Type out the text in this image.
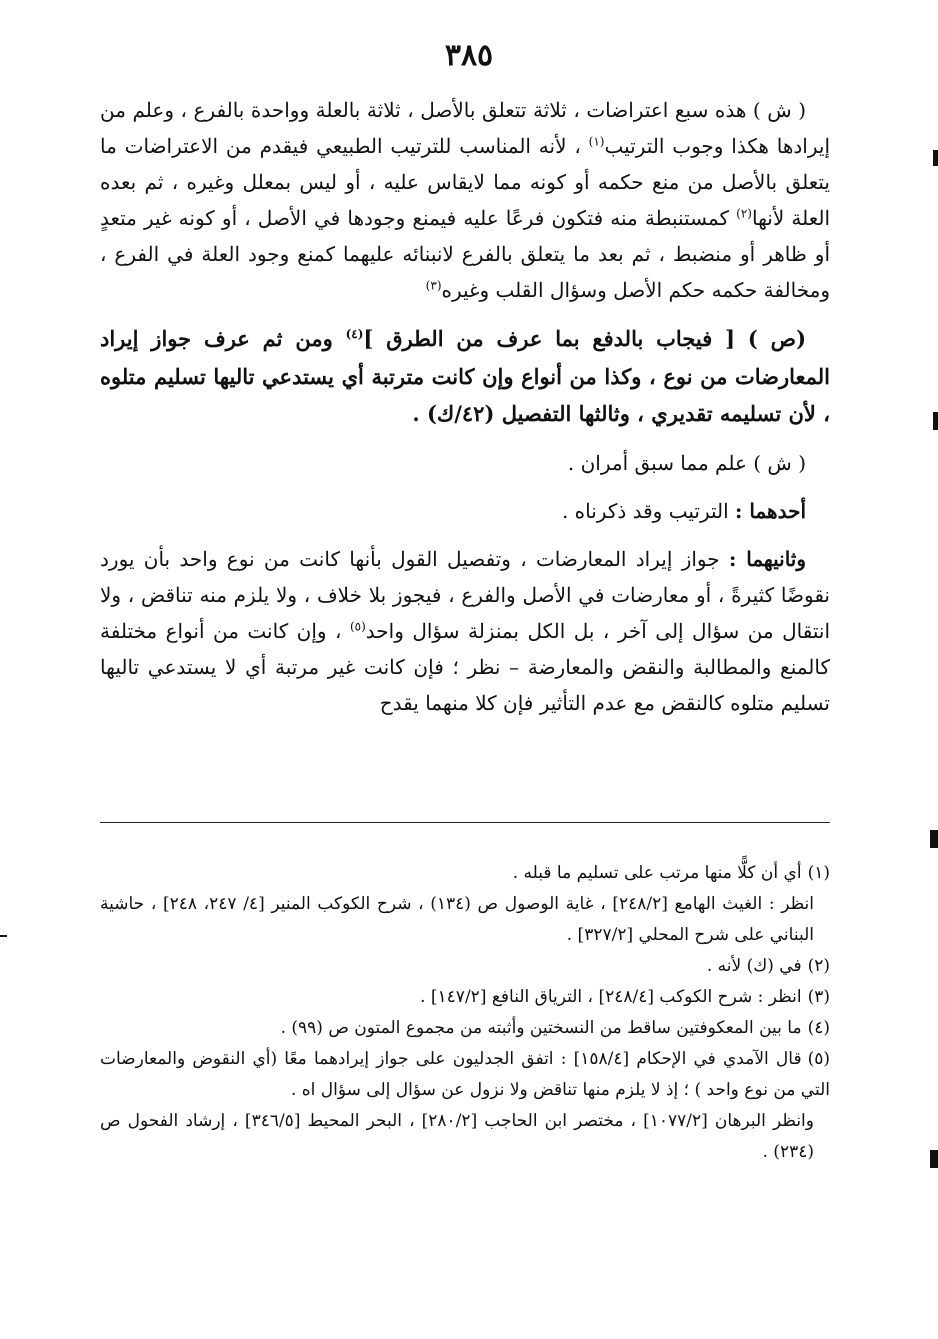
٣٨٥

( ش ) هذه سبع اعتراضات ، ثلاثة تتعلق بالأصل ، ثلاثة بالعلة وواحدة بالفرع ، وعلم من إيرادها هكذا وجوب الترتيب$^{(١)}$ ، لأنه المناسب للترتيب الطبيعي فيقدم من الاعتراضات ما يتعلق بالأصل من منع حكمه أو كونه مما لايقاس عليه ، أو ليس بمعلل وغيره ، ثم بعده العلة لأنها$^{(٢)}$ كمستنبطة منه فتكون فرعًا عليه فيمنع وجودها في الأصل ، أو كونه غير متعدٍ أو ظاهر أو منضبط ، ثم بعد ما يتعلق بالفرع لانبنائه عليهما كمنع وجود العلة في الفرع ، ومخالفة حكمه حكم الأصل وسؤال القلب وغيره$^{(٣)}$

(ص ) [ فيجاب بالدفع بما عرف من الطرق ]$^{(٤)}$ ومن ثم عرف جواز إيراد المعارضات من نوع ، وكذا من أنواع وإن كانت مترتبة أي يستدعي تاليها تسليم متلوه ، لأن تسليمه تقديري ، وثالثها التفصيل (٤٢/ك) .

( ش ) علم مما سبق أمران .

أحدهما : الترتيب وقد ذكرناه .

وثانيهما : جواز إيراد المعارضات ، وتفصيل القول بأنها كانت من نوع واحد بأن يورد نقوضًا كثيرةً ، أو معارضات في الأصل والفرع ، فيجوز بلا خلاف ، ولا يلزم منه تناقض ، ولا انتقال من سؤال إلى آخر ، بل الكل بمنزلة سؤال واحد$^{(٥)}$ ، وإن كانت من أنواع مختلفة كالمنع والمطالبة والنقض والمعارضة – نظر ؛ فإن كانت غير مرتبة أي لا يستدعي تاليها تسليم متلوه كالنقض مع عدم التأثير فإن كلا منهما يقدح

(١)أي أن كلًّا منها مرتب على تسليم ما قبله .

انظر : الغيث الهامع [٢٤٨/٢] ، غاية الوصول ص (١٣٤) ، شرح الكوكب المنير [٤/ ٢٤٧، ٢٤٨] ، حاشية البناني على شرح المحلي [٣٢٧/٢] .

(٢)في (ك) لأنه .

(٣)انظر : شرح الكوكب [٢٤٨/٤] ، الترياق النافع [١٤٧/٢] .

(٤)ما بين المعكوفتين ساقط من النسختين وأثبته من مجموع المتون ص (٩٩) .

(٥)قال الآمدي في الإحكام [١٥٨/٤] : اتفق الجدليون على جواز إيرادهما معًا (أي النقوض والمعارضات التي من نوع واحد ) ؛ إذ لا يلزم منها تناقض ولا نزول عن سؤال إلى سؤال اه .

وانظر البرهان [١٠٧٧/٢] ، مختصر ابن الحاجب [٢٨٠/٢] ، البحر المحيط [٣٤٦/٥] ، إرشاد الفحول ص (٢٣٤) .
